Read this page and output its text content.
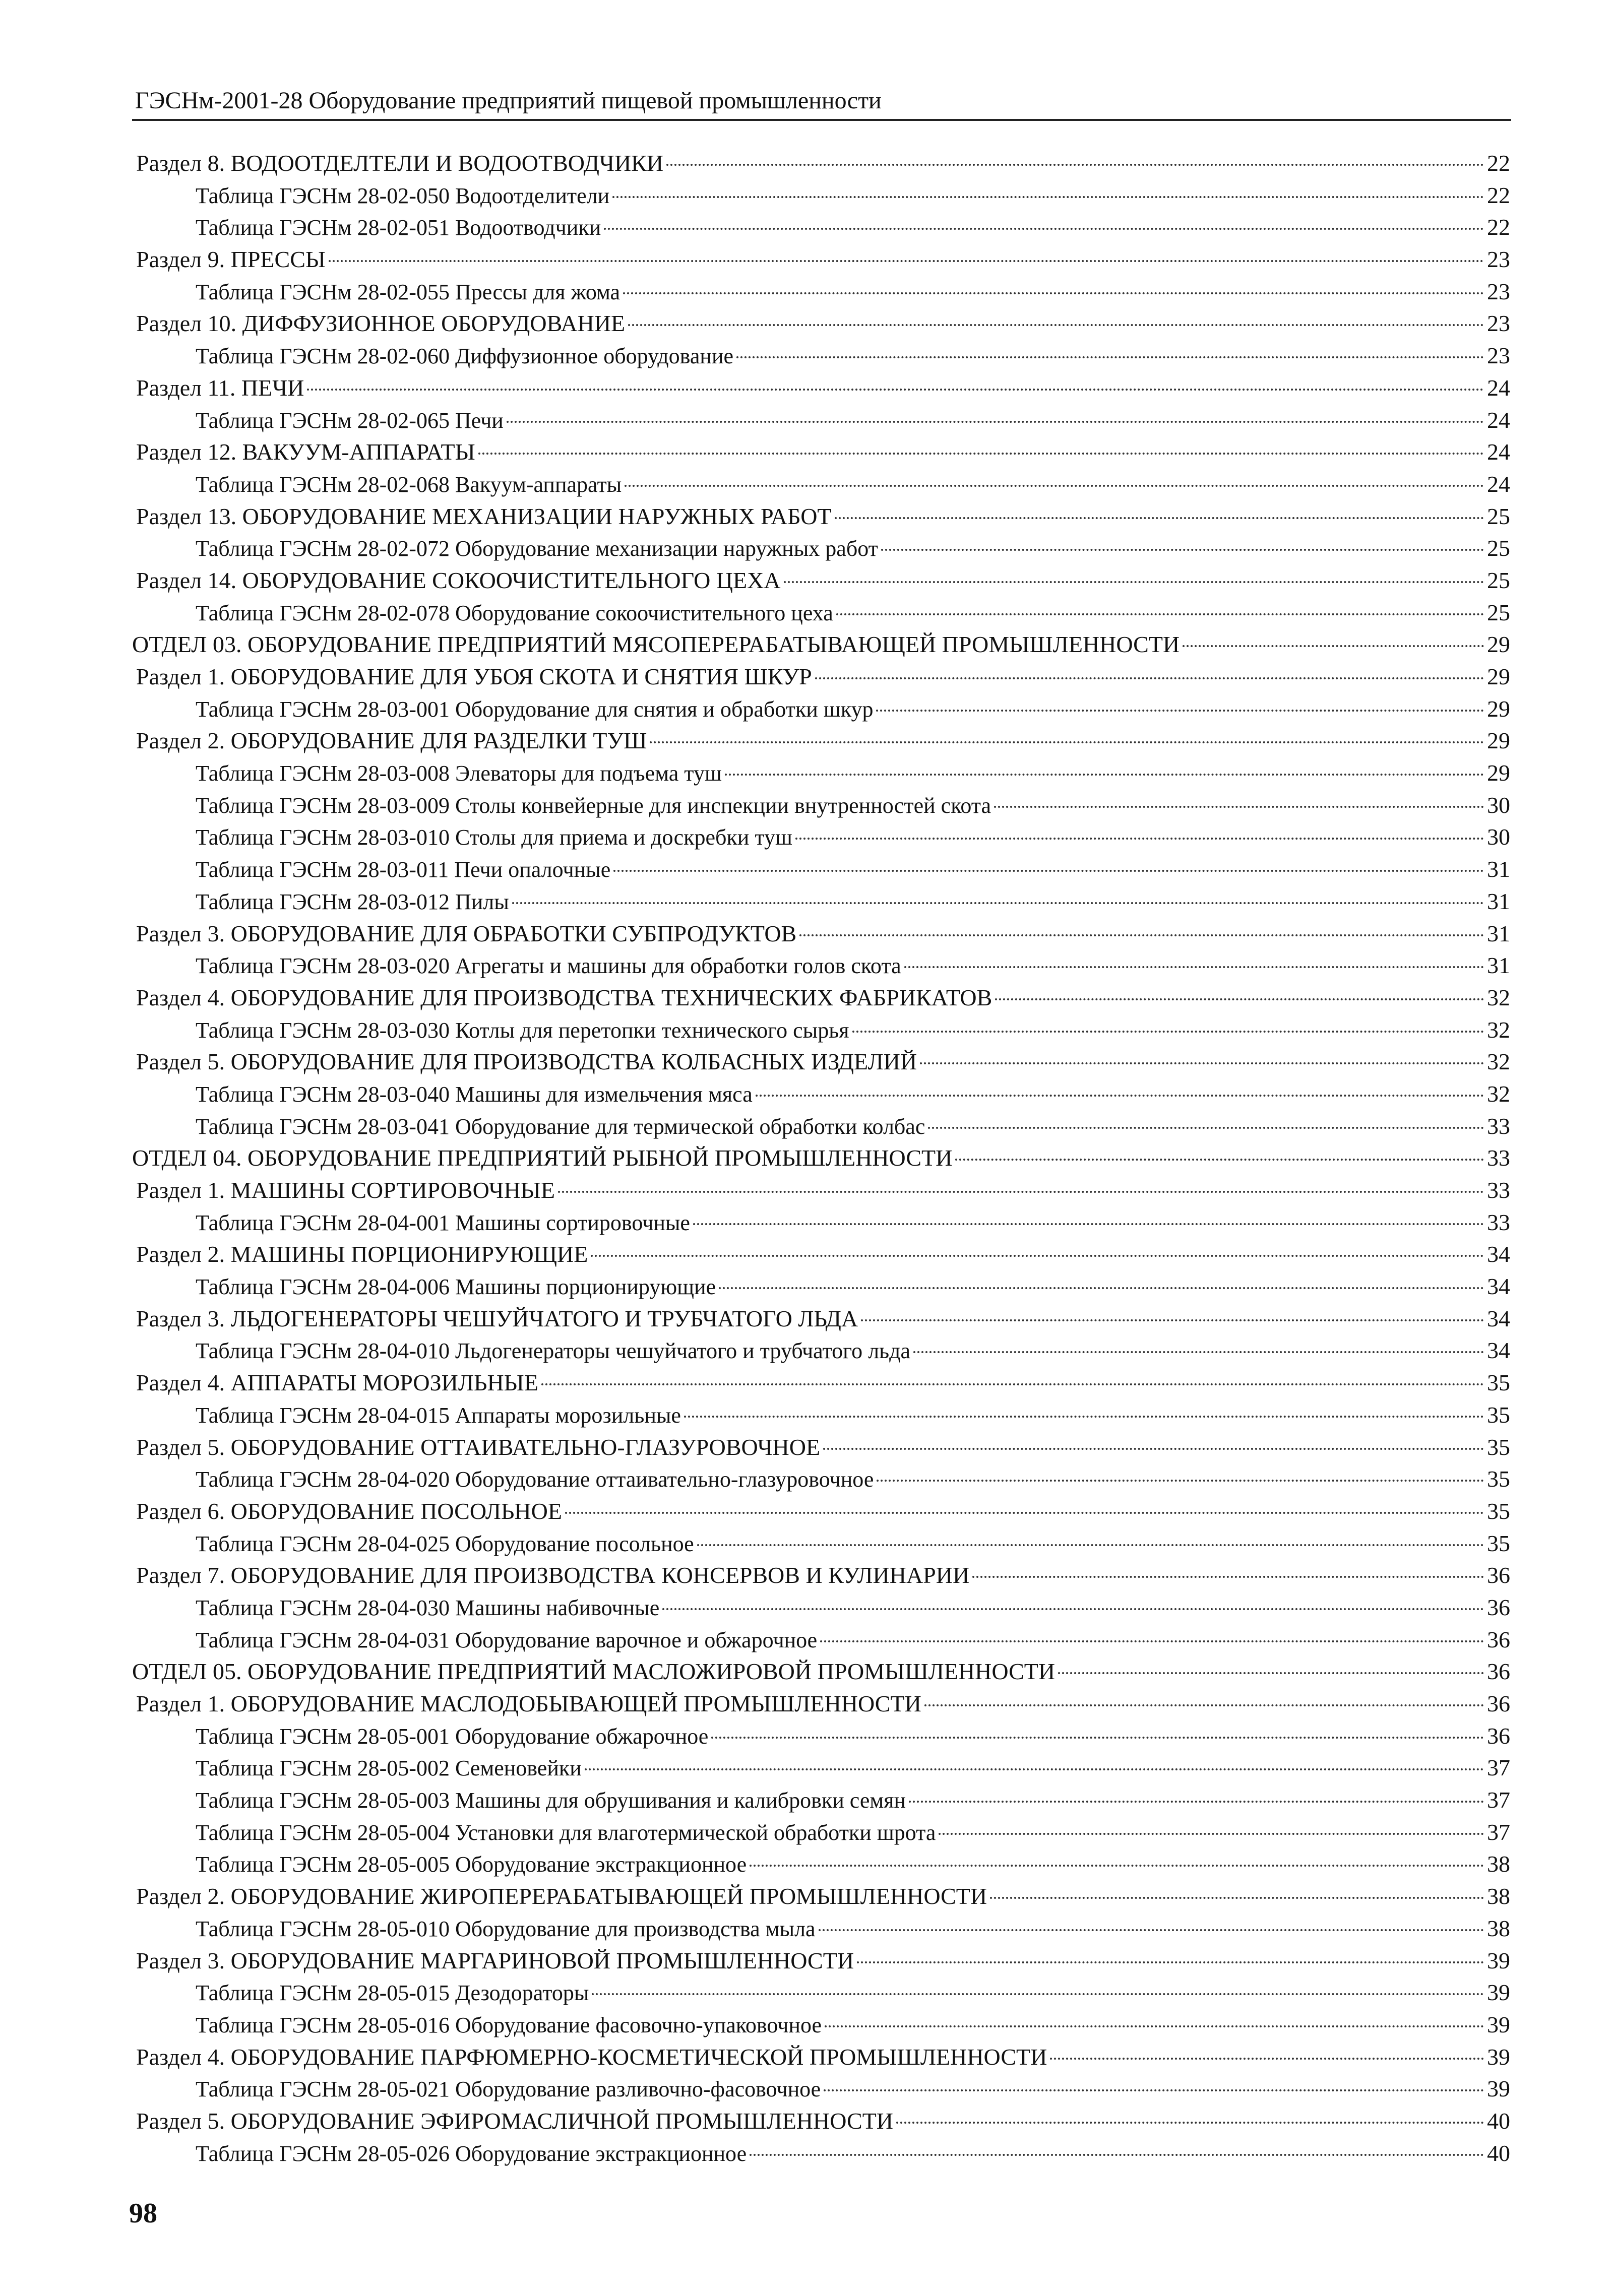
ГЭСНм-2001-28 Оборудование предприятий пищевой промышленности
Раздел 8. ВОДООТДЕЛТЕЛИ И ВОДООТВОДЧИКИ	22
Таблица ГЭСНм 28-02-050 Водоотделители	22
Таблица ГЭСНм 28-02-051 Водоотводчики	22
Раздел 9. ПРЕССЫ	23
Таблица ГЭСНм 28-02-055 Прессы для жома	23
Раздел 10. ДИФФУЗИОННОЕ ОБОРУДОВАНИЕ	23
Таблица ГЭСНм 28-02-060 Диффузионное оборудование	23
Раздел 11. ПЕЧИ	24
Таблица ГЭСНм 28-02-065 Печи	24
Раздел 12. ВАКУУМ-АППАРАТЫ	24
Таблица ГЭСНм 28-02-068 Вакуум-аппараты	24
Раздел 13. ОБОРУДОВАНИЕ МЕХАНИЗАЦИИ НАРУЖНЫХ РАБОТ	25
Таблица ГЭСНм 28-02-072 Оборудование механизации наружных работ	25
Раздел 14. ОБОРУДОВАНИЕ СОКООЧИСТИТЕЛЬНОГО ЦЕХА	25
Таблица ГЭСНм 28-02-078 Оборудование сокоочистительного цеха	25
ОТДЕЛ 03. ОБОРУДОВАНИЕ ПРЕДПРИЯТИЙ МЯСОПЕРЕРАБАТЫВАЮЩЕЙ ПРОМЫШЛЕННОСТИ	29
Раздел 1. ОБОРУДОВАНИЕ ДЛЯ УБОЯ СКОТА И СНЯТИЯ ШКУР	29
Таблица ГЭСНм 28-03-001 Оборудование для снятия и обработки шкур	29
Раздел 2. ОБОРУДОВАНИЕ ДЛЯ РАЗДЕЛКИ ТУШ	29
Таблица ГЭСНм 28-03-008 Элеваторы для подъема туш	29
Таблица ГЭСНм 28-03-009 Столы конвейерные для инспекции внутренностей скота	30
Таблица ГЭСНм 28-03-010 Столы для приема и доскребки туш	30
Таблица ГЭСНм 28-03-011 Печи опалочные	31
Таблица ГЭСНм 28-03-012 Пилы	31
Раздел 3. ОБОРУДОВАНИЕ ДЛЯ ОБРАБОТКИ СУБПРОДУКТОВ	31
Таблица ГЭСНм 28-03-020 Агрегаты и машины для обработки голов скота	31
Раздел 4. ОБОРУДОВАНИЕ ДЛЯ ПРОИЗВОДСТВА ТЕХНИЧЕСКИХ ФАБРИКАТОВ	32
Таблица ГЭСНм 28-03-030 Котлы для перетопки технического сырья	32
Раздел 5. ОБОРУДОВАНИЕ ДЛЯ ПРОИЗВОДСТВА КОЛБАСНЫХ ИЗДЕЛИЙ	32
Таблица ГЭСНм 28-03-040 Машины для измельчения мяса	32
Таблица ГЭСНм 28-03-041 Оборудование для термической обработки колбас	33
ОТДЕЛ 04. ОБОРУДОВАНИЕ ПРЕДПРИЯТИЙ РЫБНОЙ ПРОМЫШЛЕННОСТИ	33
Раздел 1. МАШИНЫ СОРТИРОВОЧНЫЕ	33
Таблица ГЭСНм 28-04-001 Машины сортировочные	33
Раздел 2. МАШИНЫ ПОРЦИОНИРУЮЩИЕ	34
Таблица ГЭСНм 28-04-006 Машины порционирующие	34
Раздел 3. ЛЬДОГЕНЕРАТОРЫ ЧЕШУЙЧАТОГО И ТРУБЧАТОГО ЛЬДА	34
Таблица ГЭСНм 28-04-010 Льдогенераторы чешуйчатого и трубчатого льда	34
Раздел 4. АППАРАТЫ МОРОЗИЛЬНЫЕ	35
Таблица ГЭСНм 28-04-015 Аппараты морозильные	35
Раздел 5. ОБОРУДОВАНИЕ ОТТАИВАТЕЛЬНО-ГЛАЗУРОВОЧНОЕ	35
Таблица ГЭСНм 28-04-020 Оборудование оттаивательно-глазуровочное	35
Раздел 6. ОБОРУДОВАНИЕ ПОСОЛЬНОЕ	35
Таблица ГЭСНм 28-04-025 Оборудование посольное	35
Раздел 7. ОБОРУДОВАНИЕ ДЛЯ ПРОИЗВОДСТВА КОНСЕРВОВ И КУЛИНАРИИ	36
Таблица ГЭСНм 28-04-030 Машины набивочные	36
Таблица ГЭСНм 28-04-031 Оборудование варочное и обжарочное	36
ОТДЕЛ 05. ОБОРУДОВАНИЕ ПРЕДПРИЯТИЙ МАСЛОЖИРОВОЙ ПРОМЫШЛЕННОСТИ	36
Раздел 1. ОБОРУДОВАНИЕ МАСЛОДОБЫВАЮЩЕЙ ПРОМЫШЛЕННОСТИ	36
Таблица ГЭСНм 28-05-001 Оборудование обжарочное	36
Таблица ГЭСНм 28-05-002 Семеновейки	37
Таблица ГЭСНм 28-05-003 Машины для обрушивания и калибровки семян	37
Таблица ГЭСНм 28-05-004 Установки для влаготермической обработки шрота	37
Таблица ГЭСНм 28-05-005 Оборудование экстракционное	38
Раздел 2. ОБОРУДОВАНИЕ ЖИРОПЕРЕРАБАТЫВАЮЩЕЙ ПРОМЫШЛЕННОСТИ	38
Таблица ГЭСНм 28-05-010 Оборудование для производства мыла	38
Раздел 3. ОБОРУДОВАНИЕ МАРГАРИНОВОЙ ПРОМЫШЛЕННОСТИ	39
Таблица ГЭСНм 28-05-015 Дезодораторы	39
Таблица ГЭСНм 28-05-016 Оборудование фасовочно-упаковочное	39
Раздел 4. ОБОРУДОВАНИЕ ПАРФЮМЕРНО-КОСМЕТИЧЕСКОЙ ПРОМЫШЛЕННОСТИ	39
Таблица ГЭСНм 28-05-021 Оборудование разливочно-фасовочное	39
Раздел 5. ОБОРУДОВАНИЕ ЭФИРОМАСЛИЧНОЙ ПРОМЫШЛЕННОСТИ	40
Таблица ГЭСНм 28-05-026 Оборудование экстракционное	40
98
